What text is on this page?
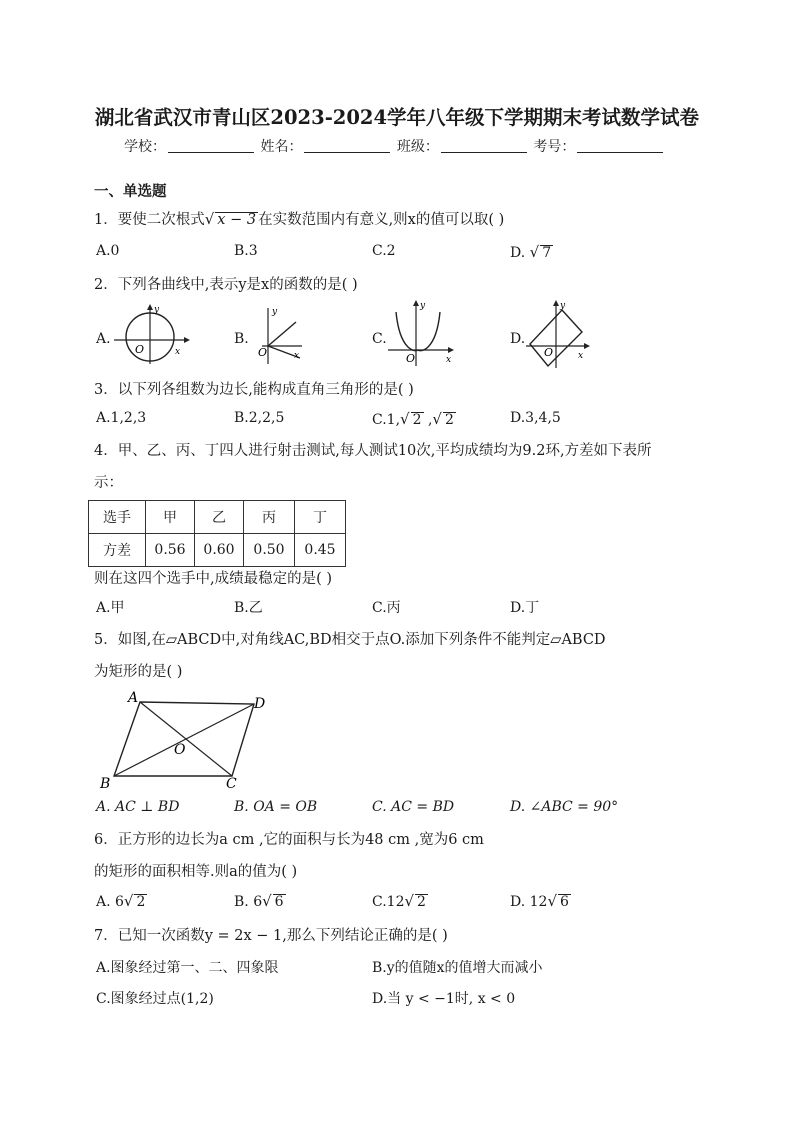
湖北省武汉市青山区2023-2024学年八年级下学期期末考试数学试卷
学校：	姓名：	班级：	考号：
一、单选题
1．要使二次根式√ x − 3 在实数范围内有意义,则x的值可以取( )
A.0	B.3	C.2	D. √ 7
2．下列各曲线中,表示y是x的函数的是( )
A.	B.	C.	D.
O	x
y
O	x
y
O	x
y
O	x
y
3．以下列各组数为边长,能构成直角三角形的是( )
A.1,2,3	B.2,2,5	C.1,√ 2 ,√ 2	D.3,4,5
4．甲、乙、丙、丁四人进行射击测试,每人测试10次,平均成绩均为9.2环,方差如下表所
示：
选手	甲	乙	丙	丁
方差	0.56	0.60	0.50	0.45
则在这四个选手中,成绩最稳定的是( )
A.甲	B.乙	C.丙	D.丁
5．如图,在▱ABCD中,对角线AC,BD相交于点O.添加下列条件不能判定▱ABCD
为矩形的是( )
A	D
B	C
O
A. AC ⊥ BD	B. OA = OB	C. AC = BD	D. ∠ABC = 90°
6．正方形的边长为a cm ,它的面积与长为48 cm ,宽为6 cm
的矩形的面积相等.则a的值为( )
A. 6√ 2	B. 6√ 6	C.12√ 2	D. 12√ 6
7．已知一次函数y = 2x − 1,那么下列结论正确的是( )
A.图象经过第一、二、四象限	B.y的值随x的值增大而减小
C.图象经过点(1,2)	D.当 y < −1时, x < 0
